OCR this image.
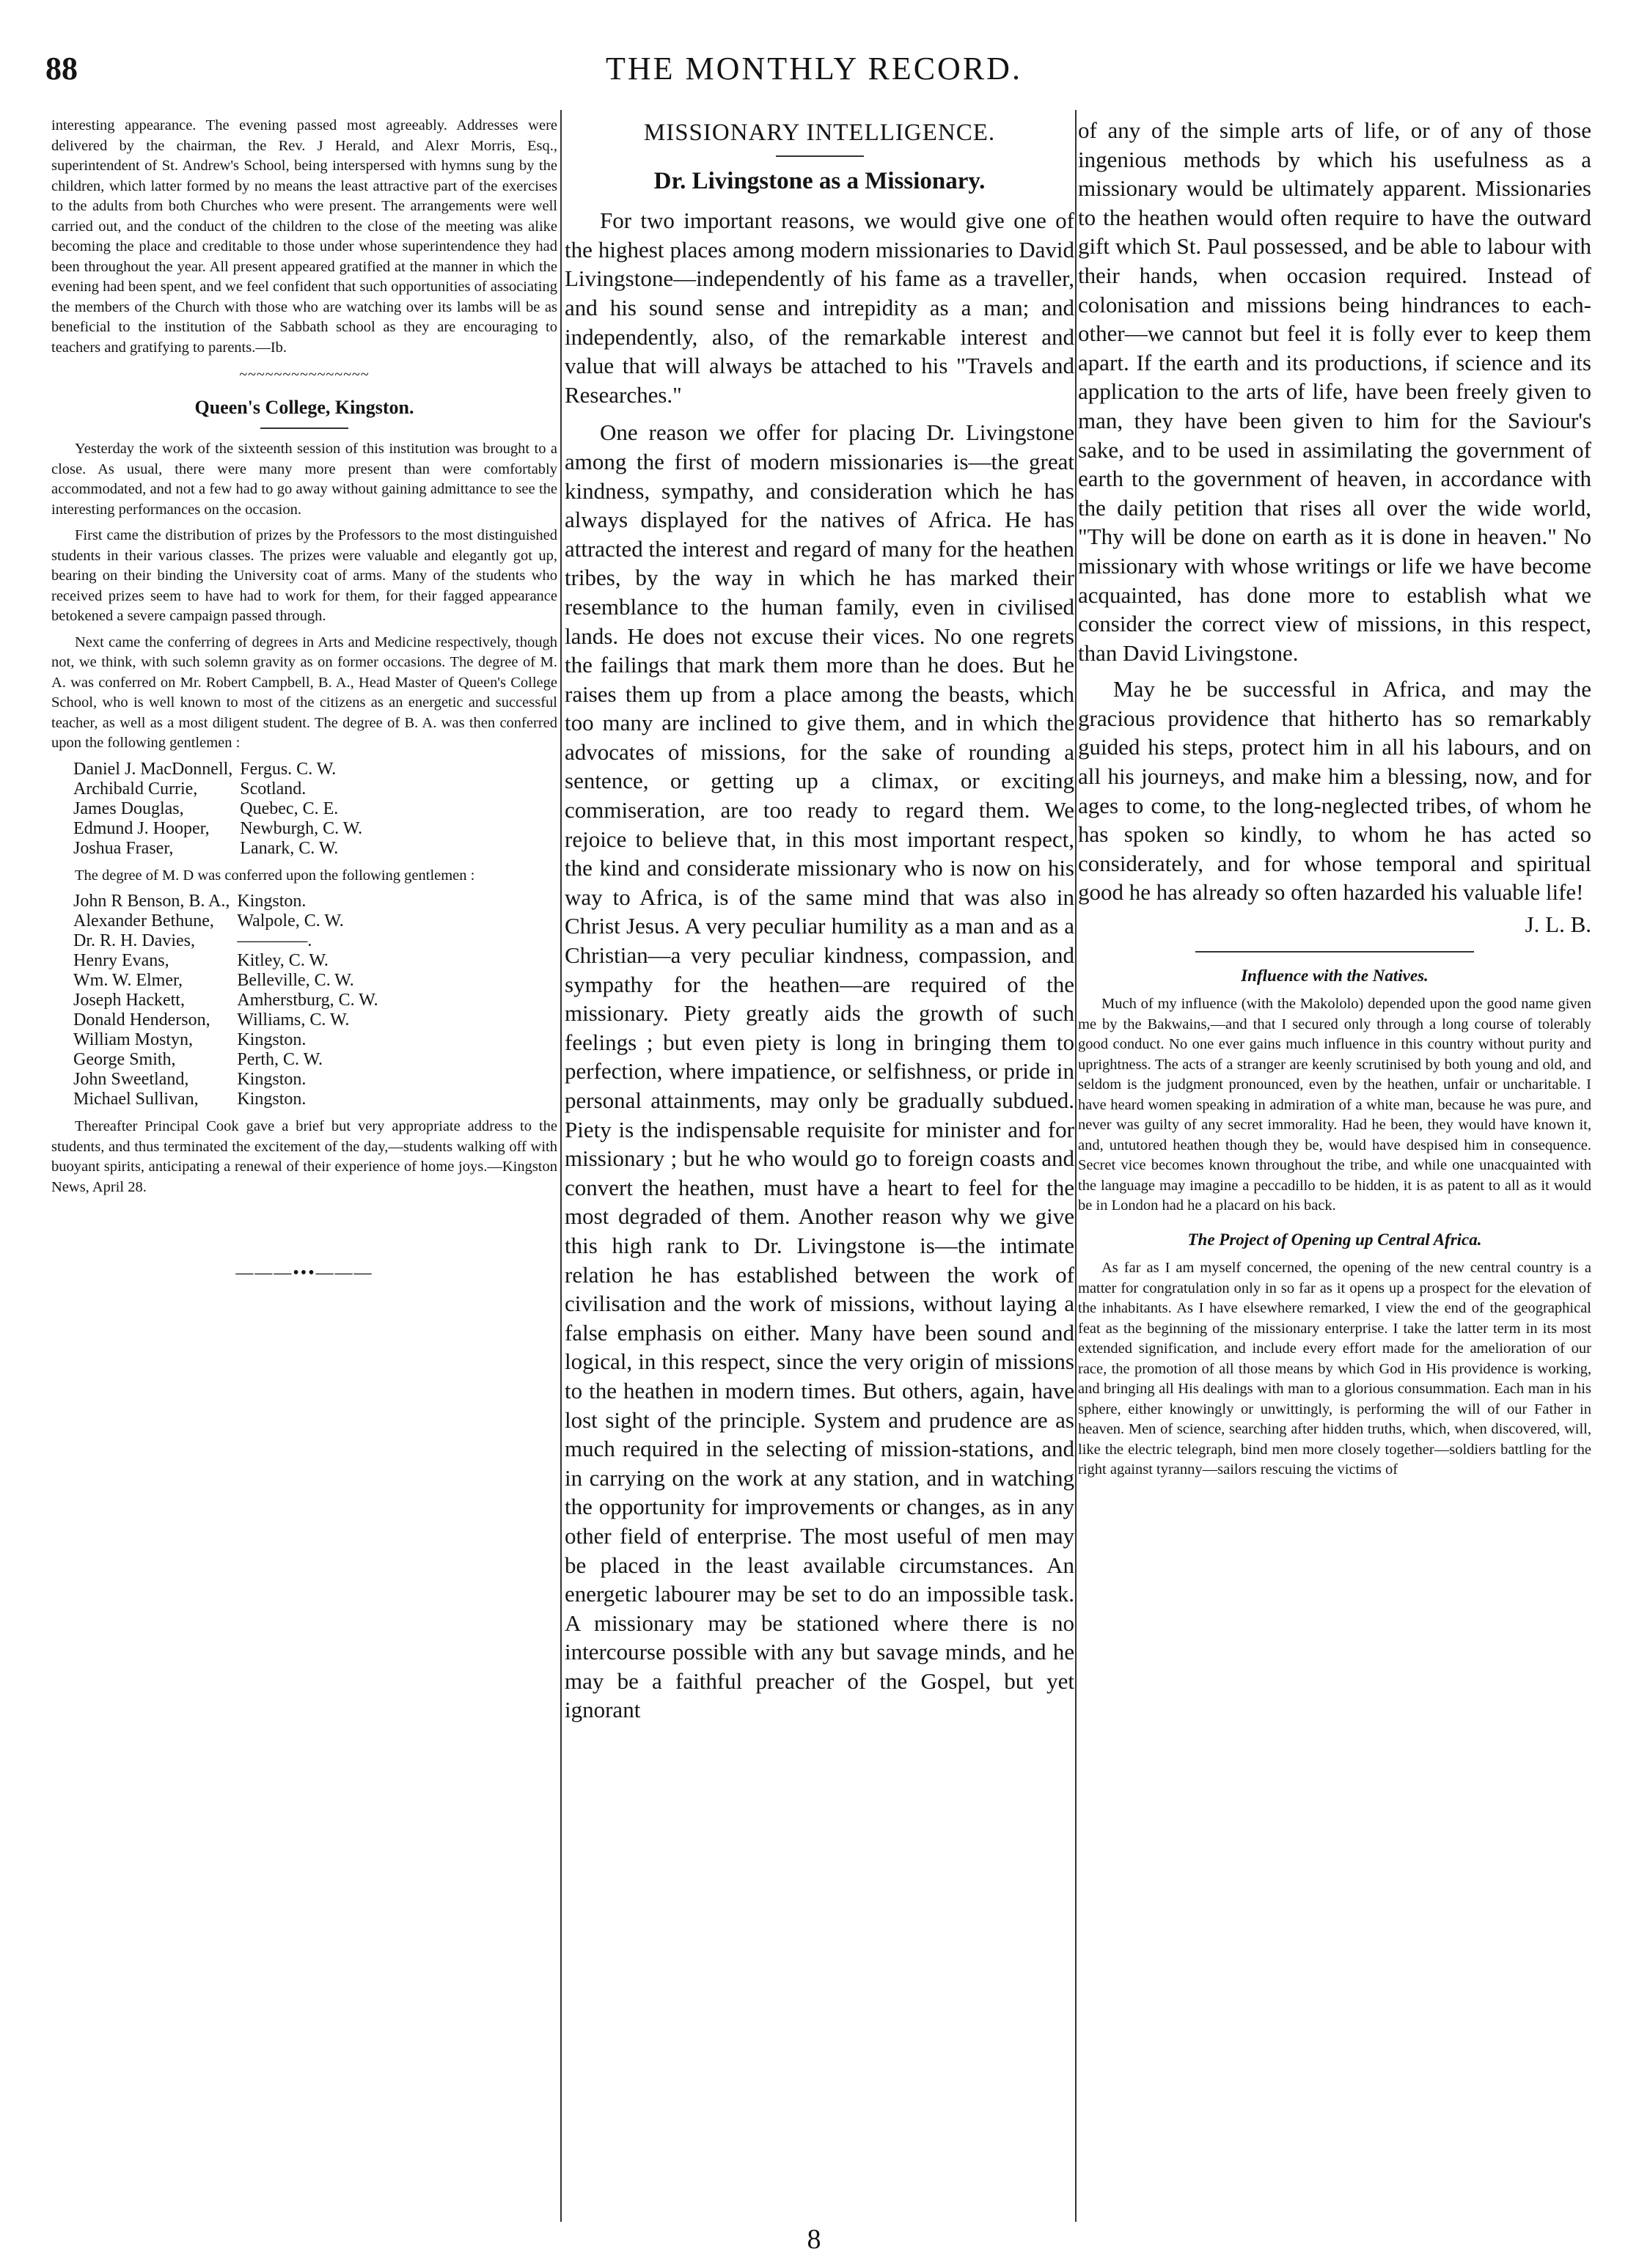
88	THE MONTHLY RECORD.

interesting appearance. The evening passed most agreeably. Addresses were delivered by the chairman, the Rev. J Herald, and Alexr Morris, Esq., superintendent of St. Andrew's School, being interspersed with hymns sung by the children, which latter formed by no means the least attractive part of the exercises to the adults from both Churches who were present. The arrangements were well carried out, and the conduct of the children to the close of the meeting was alike becoming the place and creditable to those under whose superintendence they had been throughout the year. All present appeared gratified at the manner in which the evening had been spent, and we feel confident that such opportunities of associating the members of the Church with those who are watching over its lambs will be as beneficial to the institution of the Sabbath school as they are encouraging to teachers and gratifying to parents.—Ib.

~~~~~~~~~~~~~~~
Queen's College, Kingston.

Yesterday the work of the sixteenth session of this institution was brought to a close. As usual, there were many more present than were comfortably accommodated, and not a few had to go away without gaining admittance to see the interesting performances on the occasion.

First came the distribution of prizes by the Professors to the most distinguished students in their various classes. The prizes were valuable and elegantly got up, bearing on their binding the University coat of arms. Many of the students who received prizes seem to have had to work for them, for their fagged appearance betokened a severe campaign passed through.

Next came the conferring of degrees in Arts and Medicine respectively, though not, we think, with such solemn gravity as on former occasions. The degree of M. A. was conferred on Mr. Robert Campbell, B. A., Head Master of Queen's College School, who is well known to most of the citizens as an energetic and successful teacher, as well as a most diligent student. The degree of B. A. was then conferred upon the following gentlemen :

Daniel J. MacDonnell,	Fergus. C. W.
Archibald Currie,	Scotland.
James Douglas,	Quebec, C. E.
Edmund J. Hooper,	Newburgh, C. W.
Joshua Fraser,	Lanark, C. W.

The degree of M. D was conferred upon the following gentlemen :

John R Benson, B. A.,	Kingston.
Alexander Bethune,	Walpole, C. W.
Dr. R. H. Davies,	————.
Henry Evans,	Kitley, C. W.
Wm. W. Elmer,	Belleville, C. W.
Joseph Hackett,	Amherstburg, C. W.
Donald Henderson,	Williams, C. W.
William Mostyn,	Kingston.
George Smith,	Perth, C. W.
John Sweetland,	Kingston.
Michael Sullivan,	Kingston.

Thereafter Principal Cook gave a brief but very appropriate address to the students, and thus terminated the excitement of the day,—students walking off with buoyant spirits, anticipating a renewal of their experience of home joys.—Kingston News, April 28.

———•••———
MISSIONARY INTELLIGENCE.
Dr. Livingstone as a Missionary.

For two important reasons, we would give one of the highest places among modern missionaries to David Livingstone—independently of his fame as a traveller, and his sound sense and intrepidity as a man; and independently, also, of the remarkable interest and value that will always be attached to his "Travels and Researches."

One reason we offer for placing Dr. Livingstone among the first of modern missionaries is—the great kindness, sympathy, and consideration which he has always displayed for the natives of Africa. He has attracted the interest and regard of many for the heathen tribes, by the way in which he has marked their resemblance to the human family, even in civilised lands. He does not excuse their vices. No one regrets the failings that mark them more than he does. But he raises them up from a place among the beasts, which too many are inclined to give them, and in which the advocates of missions, for the sake of rounding a sentence, or getting up a climax, or exciting commiseration, are too ready to regard them. We rejoice to believe that, in this most important respect, the kind and considerate missionary who is now on his way to Africa, is of the same mind that was also in Christ Jesus. A very peculiar humility as a man and as a Christian—a very peculiar kindness, compassion, and sympathy for the heathen—are required of the missionary. Piety greatly aids the growth of such feelings ; but even piety is long in bringing them to perfection, where impatience, or selfishness, or pride in personal attainments, may only be gradually subdued. Piety is the indispensable requisite for minister and for missionary ; but he who would go to foreign coasts and convert the heathen, must have a heart to feel for the most degraded of them. Another reason why we give this high rank to Dr. Livingstone is—the intimate relation he has established between the work of civilisation and the work of missions, without laying a false emphasis on either. Many have been sound and logical, in this respect, since the very origin of missions to the heathen in modern times. But others, again, have lost sight of the principle. System and prudence are as much required in the selecting of mission-stations, and in carrying on the work at any station, and in watching the opportunity for improvements or changes, as in any other field of enterprise. The most useful of men may be placed in the least available circumstances. An energetic labourer may be set to do an impossible task. A missionary may be stationed where there is no intercourse possible with any but savage minds, and he may be a faithful preacher of the Gospel, but yet ignorant

of any of the simple arts of life, or of any of those ingenious methods by which his usefulness as a missionary would be ultimately apparent. Missionaries to the heathen would often require to have the outward gift which St. Paul possessed, and be able to labour with their hands, when occasion required. Instead of colonisation and missions being hindrances to each-other—we cannot but feel it is folly ever to keep them apart. If the earth and its productions, if science and its application to the arts of life, have been freely given to man, they have been given to him for the Saviour's sake, and to be used in assimilating the government of earth to the government of heaven, in accordance with the daily petition that rises all over the wide world, "Thy will be done on earth as it is done in heaven." No missionary with whose writings or life we have become acquainted, has done more to establish what we consider the correct view of missions, in this respect, than David Livingstone.

May he be successful in Africa, and may the gracious providence that hitherto has so remarkably guided his steps, protect him in all his labours, and on all his journeys, and make him a blessing, now, and for ages to come, to the long-neglected tribes, of whom he has spoken so kindly, to whom he has acted so considerately, and for whose temporal and spiritual good he has already so often hazarded his valuable life!

J. L. B.
Influence with the Natives.

Much of my influence (with the Makololo) depended upon the good name given me by the Bakwains,—and that I secured only through a long course of tolerably good conduct. No one ever gains much influence in this country without purity and uprightness. The acts of a stranger are keenly scrutinised by both young and old, and seldom is the judgment pronounced, even by the heathen, unfair or uncharitable. I have heard women speaking in admiration of a white man, because he was pure, and never was guilty of any secret immorality. Had he been, they would have known it, and, untutored heathen though they be, would have despised him in consequence. Secret vice becomes known throughout the tribe, and while one unacquainted with the language may imagine a peccadillo to be hidden, it is as patent to all as it would be in London had he a placard on his back.

The Project of Opening up Central Africa.

As far as I am myself concerned, the opening of the new central country is a matter for congratulation only in so far as it opens up a prospect for the elevation of the inhabitants. As I have elsewhere remarked, I view the end of the geographical feat as the beginning of the missionary enterprise. I take the latter term in its most extended signification, and include every effort made for the amelioration of our race, the promotion of all those means by which God in His providence is working, and bringing all His dealings with man to a glorious consummation. Each man in his sphere, either knowingly or unwittingly, is performing the will of our Father in heaven. Men of science, searching after hidden truths, which, when discovered, will, like the electric telegraph, bind men more closely together—soldiers battling for the right against tyranny—sailors rescuing the victims of

8
